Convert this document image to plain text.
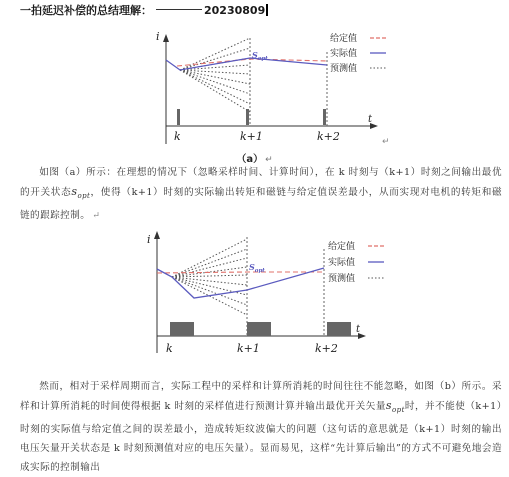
一拍延迟补偿的总结理解：	20230809
i
t
$S_{opt}$
给定值
实际值
预测值
k	k+1	k+2	↵
（a） ↵

如图（a）所示：在理想的情况下（忽略采样时间、计算时间），在 k 时刻与（k+1）时刻之间输出最优的开关状态$s_{opt}$，使得（k+1）时刻的实际输出转矩和磁链与给定值误差最小，从而实现对电机的转矩和磁链的跟踪控制。 ↵

i
t
$S_{opt}$
给定值
实际值
预测值
k	k+1	k+2

然而，相对于采样周期而言，实际工程中的采样和计算所消耗的时间往往不能忽略，如图（b）所示。采样和计算所消耗的时间使得根据 k 时刻的采样值进行预测计算并输出最优开关矢量$s_{opt}$时，并不能使（k+1）时刻的实际值与给定值之间的误差最小，造成转矩纹波偏大的问题（这句话的意思就是（k+1）时刻的输出电压矢量开关状态是 k 时刻预测值对应的电压矢量）。显而易见，这样“先计算后输出”的方式不可避免地会造成实际的控制输出
